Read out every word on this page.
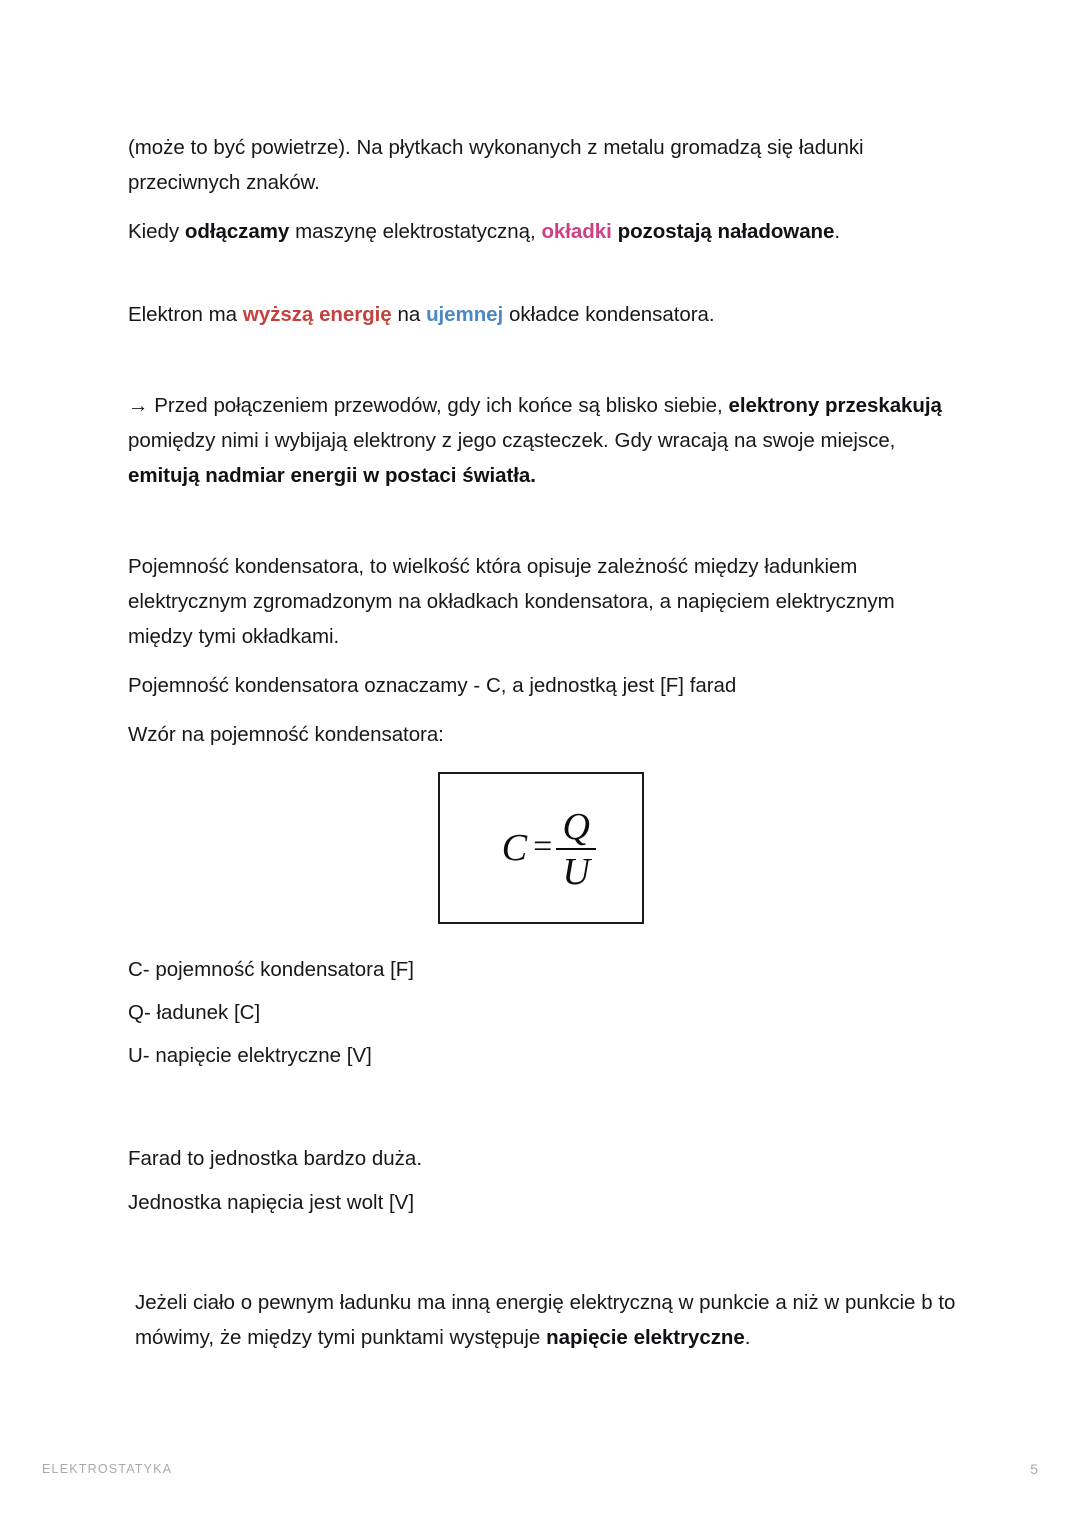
(może to być powietrze). Na płytkach wykonanych z metalu gromadzą się ładunki przeciwnych znaków.

Kiedy odłączamy maszynę elektrostatyczną, okładki pozostają naładowane.

Elektron ma wyższą energię na ujemnej okładce kondensatora.

→ Przed połączeniem przewodów, gdy ich końce są blisko siebie, elektrony przeskakują pomiędzy nimi i wybijają elektrony z jego cząsteczek. Gdy wracają na swoje miejsce, emitują nadmiar energii w postaci światła.

Pojemność kondensatora, to wielkość która opisuje zależność między ładunkiem elektrycznym zgromadzonym na okładkach kondensatora, a napięciem elektrycznym między tymi okładkami.

Pojemność kondensatora oznaczamy - C, a jednostką jest [F] farad

Wzór na pojemność kondensatora:

$C = \frac{Q}{U}$

C- pojemność kondensatora [F]

Q- ładunek [C]

U- napięcie elektryczne [V]

Farad to jednostka bardzo duża.

Jednostka napięcia jest wolt [V]

Jeżeli ciało o pewnym ładunku ma inną energię elektryczną w punkcie a niż w punkcie b to mówimy, że między tymi punktami występuje napięcie elektryczne.

ELEKTROSTATYKA	5
